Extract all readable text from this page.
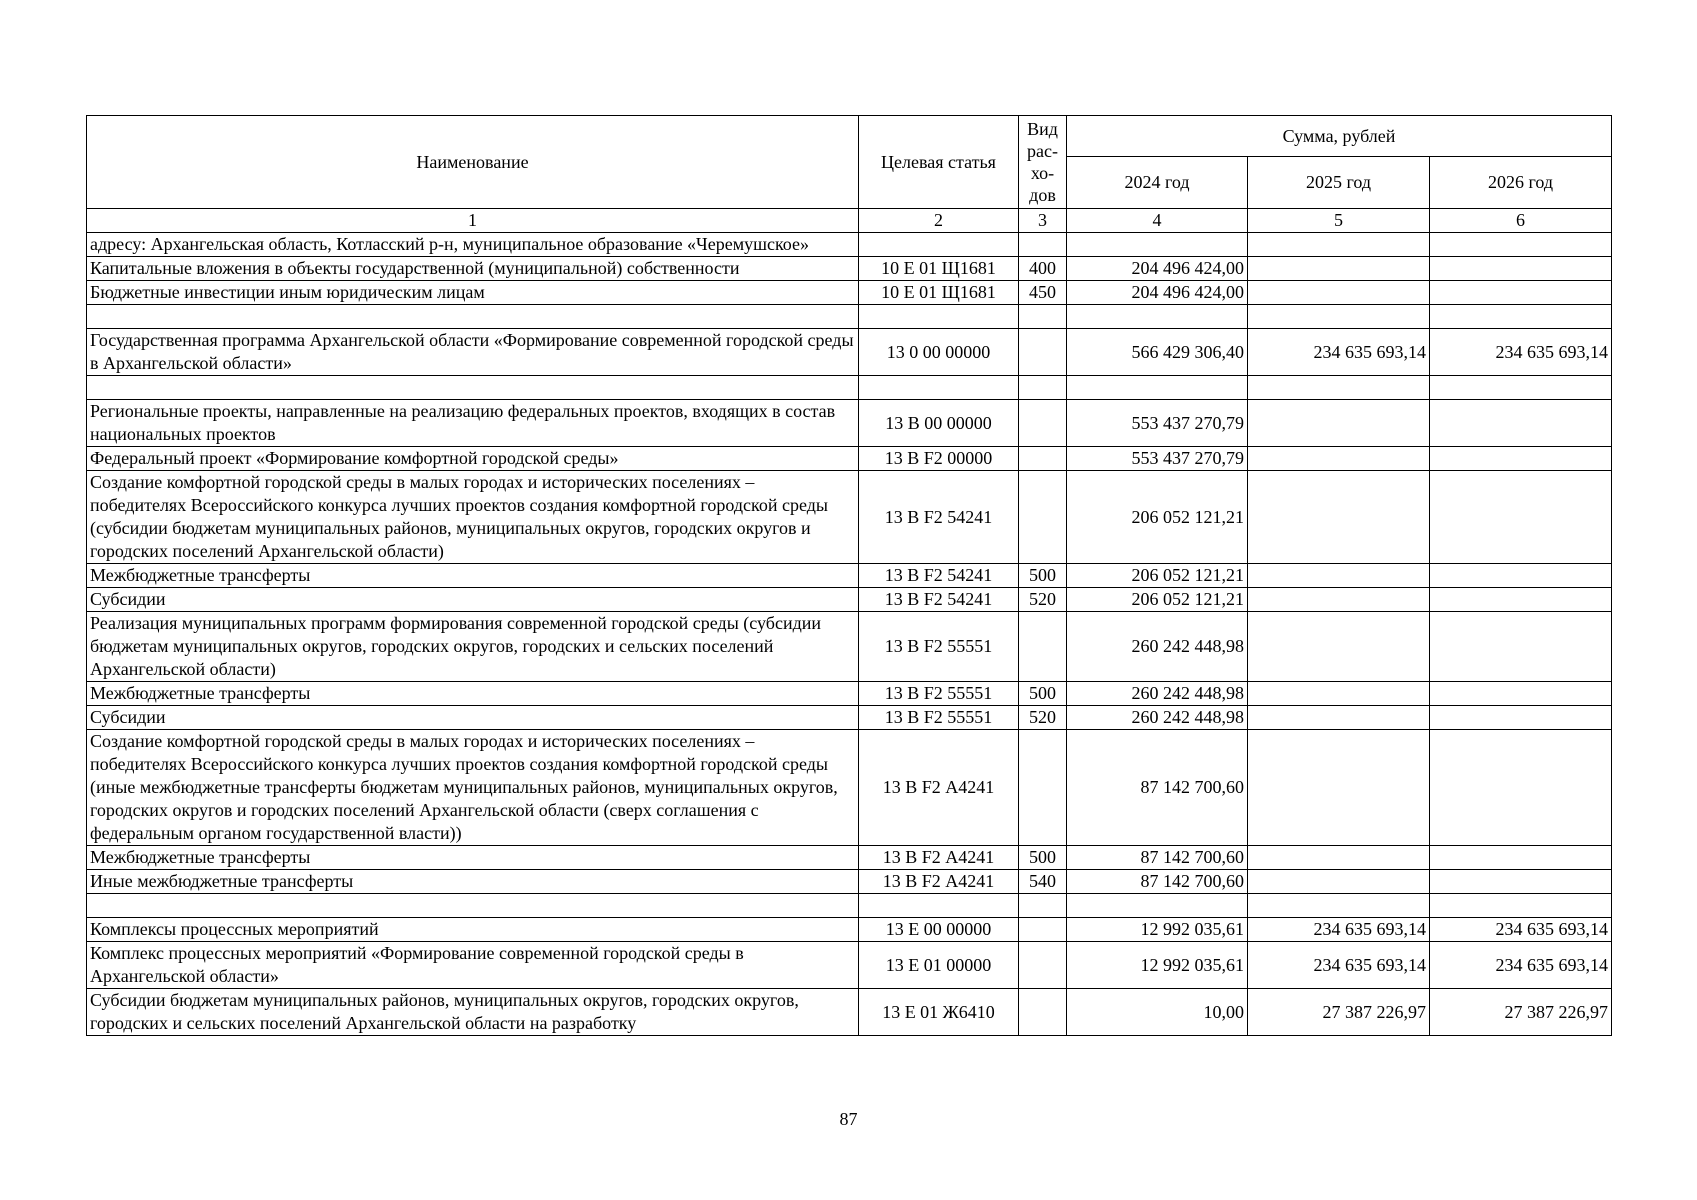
Наименование	Целевая статья	Вид рас-хо-дов	Сумма, рублей		
			2024 год	2025 год	2026 год
1	2	3	4	5	6
адресу: Архангельская область, Котласский р-н, муниципальное образование «Черемушское»					
Капитальные вложения в объекты государственной (муниципальной) собственности	10 Е 01 Щ1681	400	204 496 424,00		
Бюджетные инвестиции иным юридическим лицам	10 Е 01 Щ1681	450	204 496 424,00		

Государственная программа Архангельской области «Формирование современной городской среды в Архангельской области»	13 0 00 00000		566 429 306,40	234 635 693,14	234 635 693,14

Региональные проекты, направленные на реализацию федеральных проектов, входящих в состав национальных проектов	13 В 00 00000		553 437 270,79		
Федеральный проект «Формирование комфортной городской среды»	13 В F2 00000		553 437 270,79		
Создание комфортной городской среды в малых городах и исторических поселениях – победителях Всероссийского конкурса лучших проектов создания комфортной городской среды (субсидии бюджетам муниципальных районов, муниципальных округов, городских округов и городских поселений Архангельской области)	13 В F2 54241		206 052 121,21		
Межбюджетные трансферты	13 В F2 54241	500	206 052 121,21		
Субсидии	13 В F2 54241	520	206 052 121,21		
Реализация муниципальных программ формирования современной городской среды (субсидии бюджетам муниципальных округов, городских округов, городских и сельских поселений Архангельской области)	13 В F2 55551		260 242 448,98		
Межбюджетные трансферты	13 В F2 55551	500	260 242 448,98		
Субсидии	13 В F2 55551	520	260 242 448,98		
Создание комфортной городской среды в малых городах и исторических поселениях – победителях Всероссийского конкурса лучших проектов создания комфортной городской среды (иные межбюджетные трансферты бюджетам муниципальных районов, муниципальных округов, городских округов и городских поселений Архангельской области (сверх соглашения с федеральным органом государственной власти))	13 В F2 А4241		87 142 700,60		
Межбюджетные трансферты	13 В F2 А4241	500	87 142 700,60		
Иные межбюджетные трансферты	13 В F2 А4241	540	87 142 700,60		

Комплексы процессных мероприятий	13 Е 00 00000		12 992 035,61	234 635 693,14	234 635 693,14
Комплекс процессных мероприятий «Формирование современной городской среды в Архангельской области»	13 Е 01 00000		12 992 035,61	234 635 693,14	234 635 693,14
Субсидии бюджетам муниципальных районов, муниципальных округов, городских округов, городских и сельских поселений Архангельской области на разработку	13 Е 01 Ж6410		10,00	27 387 226,97	27 387 226,97
87
